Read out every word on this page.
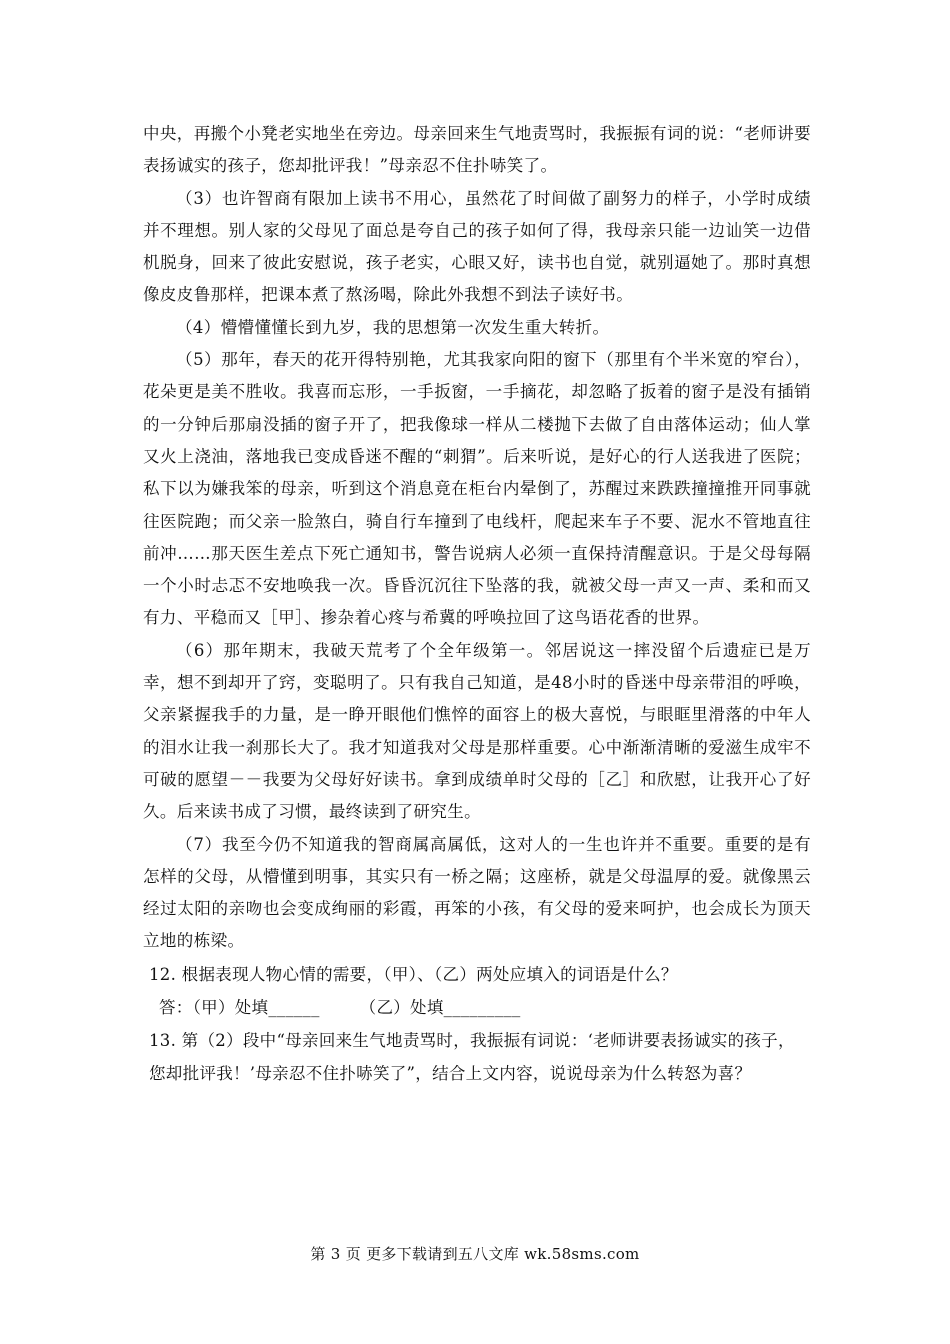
中央，再搬个小凳老实地坐在旁边。母亲回来生气地责骂时，我振振有词的说：“老师讲要表扬诚实的孩子，您却批评我！”母亲忍不住扑哧笑了。

（3）也许智商有限加上读书不用心，虽然花了时间做了副努力的样子，小学时成绩并不理想。别人家的父母见了面总是夸自己的孩子如何了得，我母亲只能一边讪笑一边借机脱身，回来了彼此安慰说，孩子老实，心眼又好，读书也自觉，就别逼她了。那时真想像皮皮鲁那样，把课本煮了熬汤喝，除此外我想不到法子读好书。

（4）懵懵懂懂长到九岁，我的思想第一次发生重大转折。

（5）那年，春天的花开得特别艳，尤其我家向阳的窗下（那里有个半米宽的窄台），花朵更是美不胜收。我喜而忘形，一手扳窗，一手摘花，却忽略了扳着的窗子是没有插销的一分钟后那扇没插的窗子开了，把我像球一样从二楼抛下去做了自由落体运动；仙人掌又火上浇油，落地我已变成昏迷不醒的“刺猬”。后来听说，是好心的行人送我进了医院；私下以为嫌我笨的母亲，听到这个消息竟在柜台内晕倒了，苏醒过来跌跌撞撞推开同事就往医院跑；而父亲一脸煞白，骑自行车撞到了电线杆，爬起来车子不要、泥水不管地直往前冲……那天医生差点下死亡通知书，警告说病人必须一直保持清醒意识。于是父母每隔一个小时忐忑不安地唤我一次。昏昏沉沉往下坠落的我，就被父母一声又一声、柔和而又有力、平稳而又［甲］、掺杂着心疼与希冀的呼唤拉回了这鸟语花香的世界。

（6）那年期末，我破天荒考了个全年级第一。邻居说这一摔没留个后遗症已是万幸，想不到却开了窍，变聪明了。只有我自己知道，是48小时的昏迷中母亲带泪的呼唤，父亲紧握我手的力量，是一睁开眼他们憔悴的面容上的极大喜悦，与眼眶里滑落的中年人的泪水让我一刹那长大了。我才知道我对父母是那样重要。心中渐渐清晰的爱滋生成牢不可破的愿望－－我要为父母好好读书。拿到成绩单时父母的［乙］和欣慰，让我开心了好久。后来读书成了习惯，最终读到了研究生。

（7）我至今仍不知道我的智商属高属低，这对人的一生也许并不重要。重要的是有怎样的父母，从懵懂到明事，其实只有一桥之隔；这座桥，就是父母温厚的爱。就像黑云经过太阳的亲吻也会变成绚丽的彩霞，再笨的小孩，有父母的爱来呵护，也会成长为顶天立地的栋梁。

12. 根据表现人物心情的需要，（甲）、（乙）两处应填入的词语是什么？

答：（甲）处填______ （乙）处填_________

13. 第（2）段中“母亲回来生气地责骂时，我振振有词说：‘老师讲要表扬诚实的孩子，您却批评我！’母亲忍不住扑哧笑了”，结合上文内容，说说母亲为什么转怒为喜？

第 3 页 更多下载请到五八文库 wk.58sms.com
